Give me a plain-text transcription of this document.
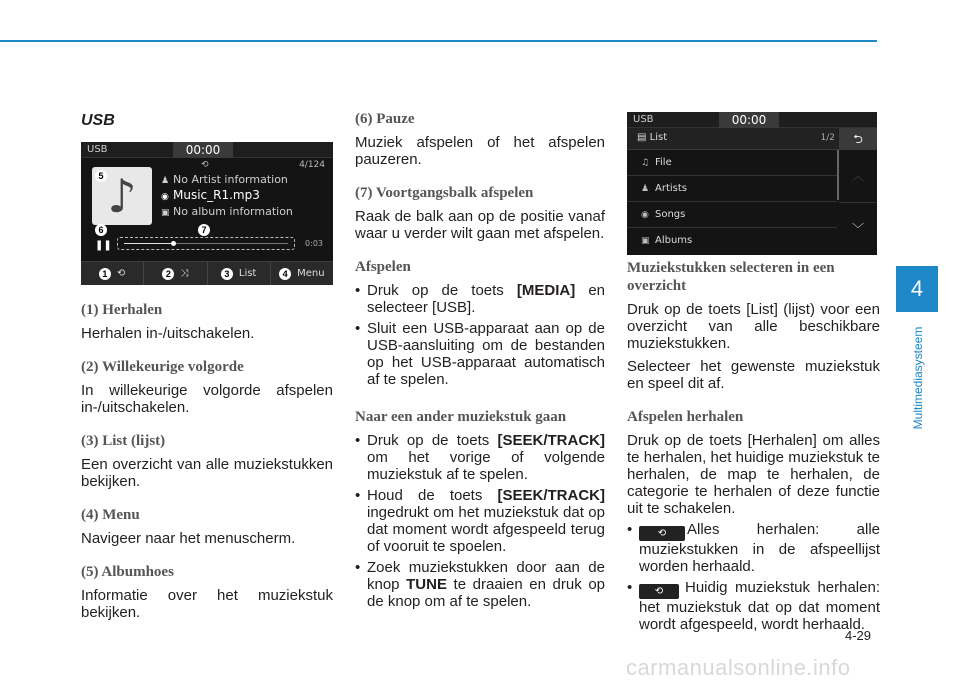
USB
USB	00:00
♪
⟲	4/124
♟ No Artist information
◉ Music_R1.mp3
▣ No album information
5
6	7
❚❚	0:03
1 ⟲	2 ⤨	3 List	4 Menu
(1) Herhalen
Herhalen in-/uitschakelen.
(2) Willekeurige volgorde
In willekeurige volgorde afspelen in-/uitschakelen.
(3) List (lijst)
Een overzicht van alle muziekstukken bekijken.
(4) Menu
Navigeer naar het menuscherm.
(5) Albumhoes
Informatie over het muziekstuk bekijken.
(6) Pauze
Muziek afspelen of het afspelen pauzeren.
(7) Voortgangsbalk afspelen
Raak de balk aan op de positie vanaf waar u verder wilt gaan met afspelen.
Afspelen
• Druk op de toets [MEDIA] en selecteer [USB].
• Sluit een USB-apparaat aan op de USB-aansluiting om de bestanden op het USB-apparaat automatisch af te spelen.
Naar een ander muziekstuk gaan
• Druk op de toets [SEEK/TRACK] om het vorige of volgende muziekstuk af te spelen.
• Houd de toets [SEEK/TRACK] ingedrukt om het muziekstuk dat op dat moment wordt afgespeeld terug of vooruit te spoelen.
• Zoek muziekstukken door aan de knop TUNE te draaien en druk op de knop om af te spelen.
USB	00:00
▤ List	1/2	⮌
♫ File
♟ Artists
◉ Songs
▣ Albums
︿
﹀
Muziekstukken selecteren in een overzicht
Druk op de toets [List] (lijst) voor een overzicht van alle beschikbare muziekstukken.
Selecteer het gewenste muziekstuk en speel dit af.
Afspelen herhalen
Druk op de toets [Herhalen] om alles te herhalen, het huidige muziekstuk te herhalen, de map te herhalen, de categorie te herhalen of deze functie uit te schakelen.
• ⟲ Alles herhalen: alle muziekstukken in de afspeellijst worden herhaald.
• ⟲ Huidig muziekstuk herhalen: het muziekstuk dat op dat moment wordt afgespeeld, wordt herhaald.
4
Multimediasysteem
4-29
carmanualsonline.info
